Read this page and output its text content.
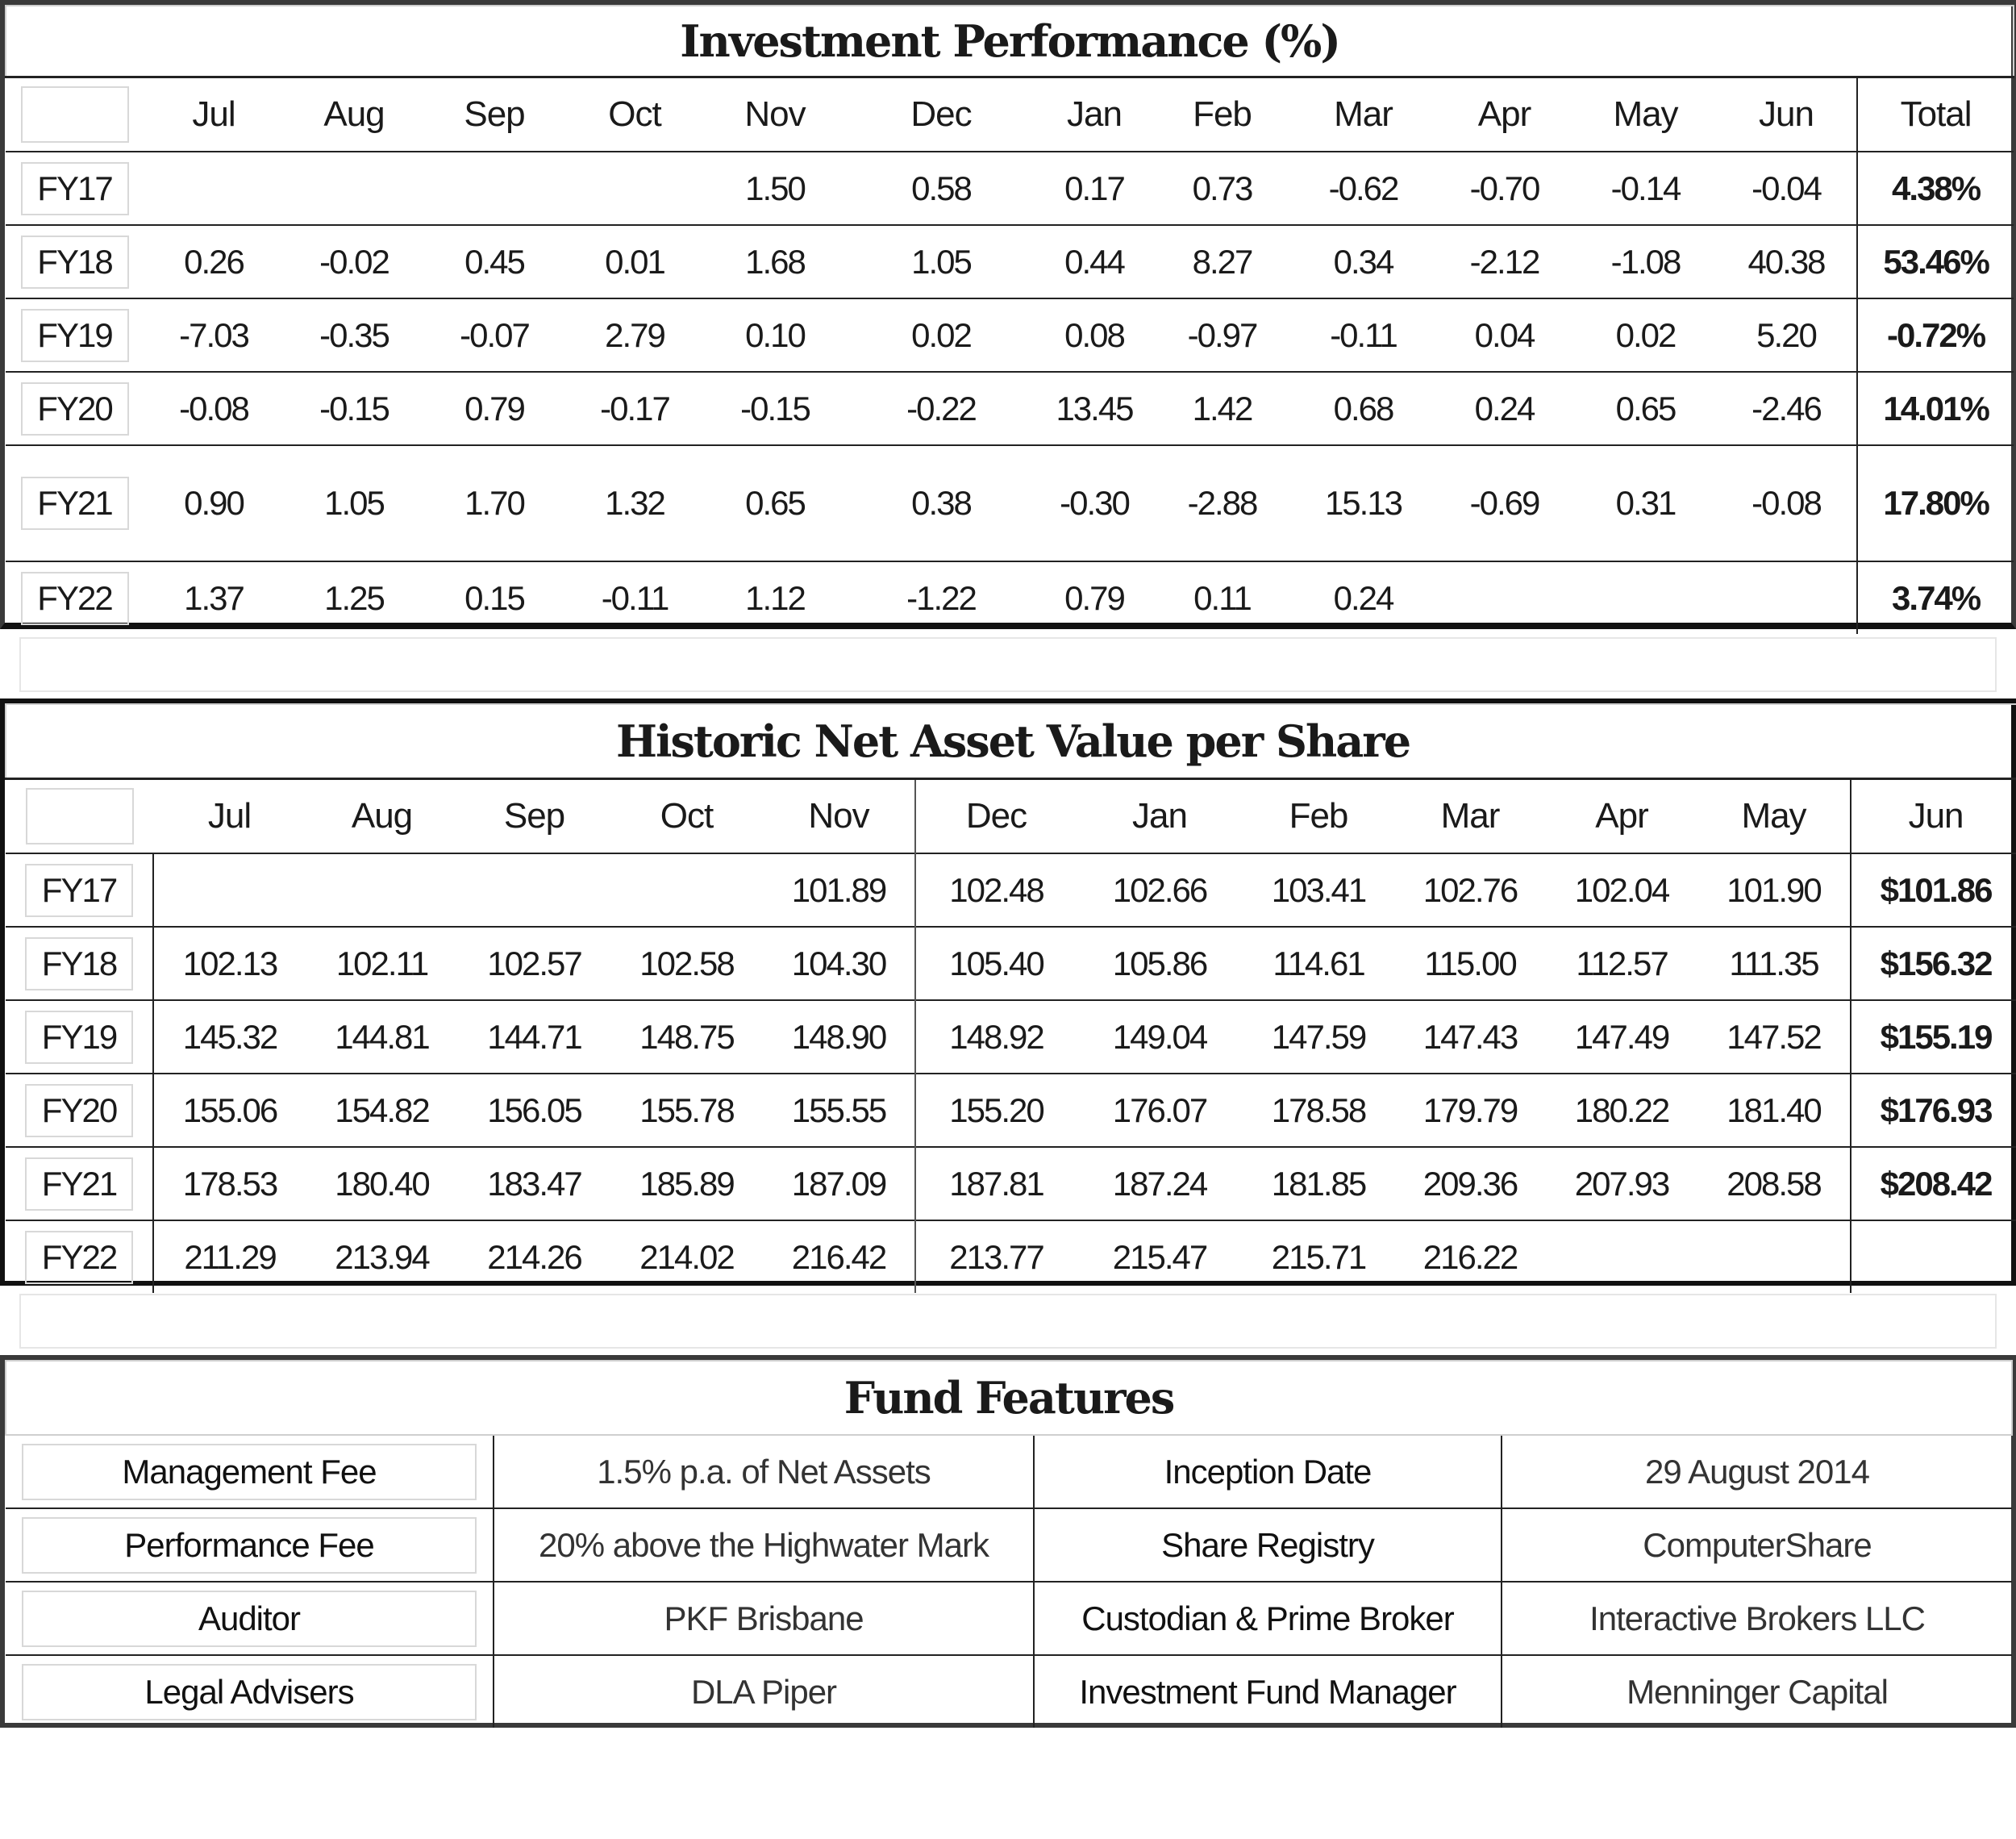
Investment Performance (%)													

	Jul	Aug	Sep	Oct	Nov	Dec	Jan	Feb	Mar	Apr	May	Jun	Total

FY17					1.50	0.58	0.17	0.73	-0.62	-0.70	-0.14	-0.04	4.38%

FY18	0.26	-0.02	0.45	0.01	1.68	1.05	0.44	8.27	0.34	-2.12	-1.08	40.38	53.46%

FY19	-7.03	-0.35	-0.07	2.79	0.10	0.02	0.08	-0.97	-0.11	0.04	0.02	5.20	-0.72%

FY20	-0.08	-0.15	0.79	-0.17	-0.15	-0.22	13.45	1.42	0.68	0.24	0.65	-2.46	14.01%

FY21	0.90	1.05	1.70	1.32	0.65	0.38	-0.30	-2.88	15.13	-0.69	0.31	-0.08	17.80%

FY22	1.37	1.25	0.15	-0.11	1.12	-1.22	0.79	0.11	0.24				3.74%
Historic Net Asset Value per Share												

	Jul	Aug	Sep	Oct	Nov	Dec	Jan	Feb	Mar	Apr	May	Jun

FY17					101.89	102.48	102.66	103.41	102.76	102.04	101.90	$101.86

FY18	102.13	102.11	102.57	102.58	104.30	105.40	105.86	114.61	115.00	112.57	111.35	$156.32

FY19	145.32	144.81	144.71	148.75	148.90	148.92	149.04	147.59	147.43	147.49	147.52	$155.19

FY20	155.06	154.82	156.05	155.78	155.55	155.20	176.07	178.58	179.79	180.22	181.40	$176.93

FY21	178.53	180.40	183.47	185.89	187.09	187.81	187.24	181.85	209.36	207.93	208.58	$208.42

FY22	211.29	213.94	214.26	214.02	216.42	213.77	215.47	215.71	216.22			
Fund Features			

Management Fee	1.5% p.a. of Net Assets	Inception Date	29 August 2014

Performance Fee	20% above the Highwater Mark	Share Registry	ComputerShare

Auditor	PKF Brisbane	Custodian & Prime Broker	Interactive Brokers LLC

Legal Advisers	DLA Piper	Investment Fund Manager	Menninger Capital
